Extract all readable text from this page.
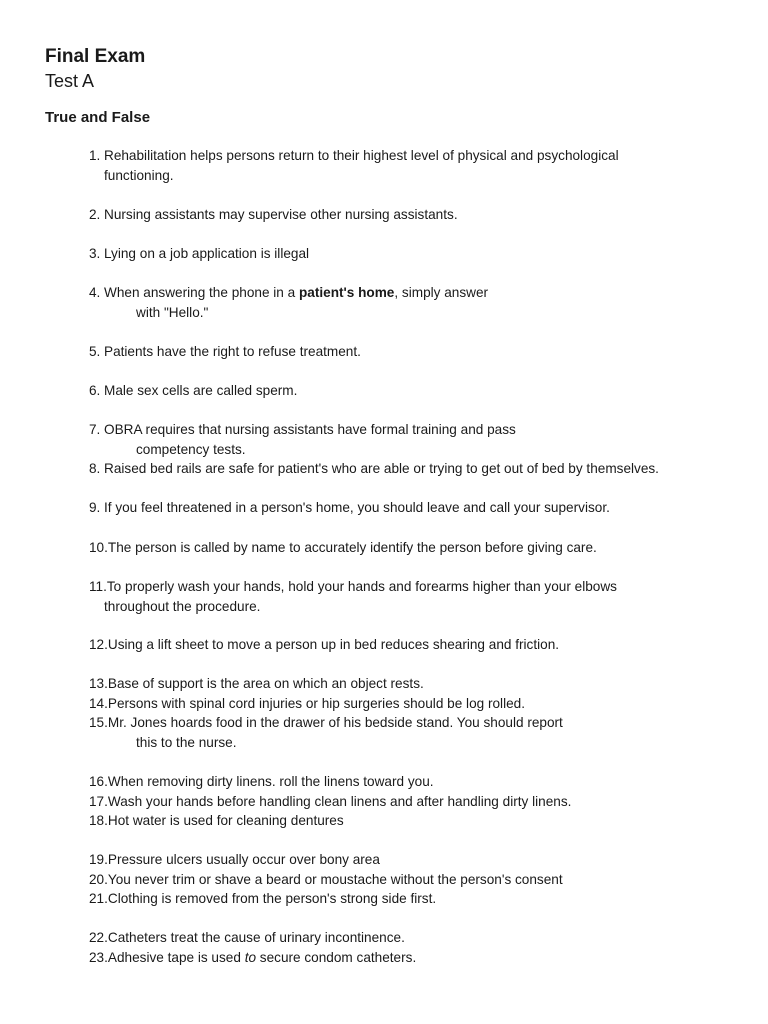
Final Exam
Test A
True and False
1. Rehabilitation helps persons return to their highest level of physical and psychological
functioning.
2. Nursing assistants may supervise other nursing assistants.
3. Lying on a job application is illegal
4. When answering the phone in a patient's home, simply answer
with "Hello."
5. Patients have the right to refuse treatment.
6. Male sex cells are called sperm.
7. OBRA requires that nursing assistants have formal training and pass
competency tests.
8. Raised bed rails are safe for patient's who are able or trying to get out of bed by themselves.
9. If you feel threatened in a person's home, you should leave and call your supervisor.
10.The person is called by name to accurately identify the person before giving care.
11.To properly wash your hands, hold your hands and forearms higher than your elbows
throughout the procedure.
12.Using a lift sheet to move a person up in bed reduces shearing and friction.
13.Base of support is the area on which an object rests.
14.Persons with spinal cord injuries or hip surgeries should be log rolled.
15.Mr. Jones hoards food in the drawer of his bedside stand. You should report
this to the nurse.
16.When removing dirty linens. roll the linens toward you.
17.Wash your hands before handling clean linens and after handling dirty linens.
18.Hot water is used for cleaning dentures
19.Pressure ulcers usually occur over bony area
20.You never trim or shave a beard or moustache without the person's consent
21.Clothing is removed from the person's strong side first.
22.Catheters treat the cause of urinary incontinence.
23.Adhesive tape is used to secure condom catheters.
